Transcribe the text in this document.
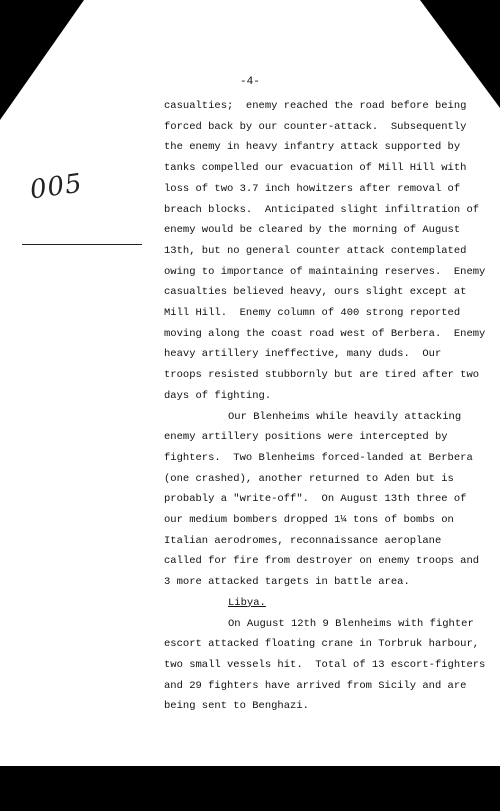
-4-
005
casualties;  enemy reached the road before being
forced back by our counter-attack.  Subsequently
the enemy in heavy infantry attack supported by
tanks compelled our evacuation of Mill Hill with
loss of two 3.7 inch howitzers after removal of
breach blocks.  Anticipated slight infiltration of
enemy would be cleared by the morning of August
13th, but no general counter attack contemplated
owing to importance of maintaining reserves.  Enemy
casualties believed heavy, ours slight except at
Mill Hill.  Enemy column of 400 strong reported
moving along the coast road west of Berbera.  Enemy
heavy artillery ineffective, many duds.  Our
troops resisted stubbornly but are tired after two
days of fighting.
Our Blenheims while heavily attacking
enemy artillery positions were intercepted by
fighters.  Two Blenheims forced-landed at Berbera
(one crashed), another returned to Aden but is
probably a "write-off".  On August 13th three of
our medium bombers dropped 1¼ tons of bombs on
Italian aerodromes, reconnaissance aeroplane
called for fire from destroyer on enemy troops and
3 more attacked targets in battle area.
Libya.
On August 12th 9 Blenheims with fighter
escort attacked floating crane in Torbruk harbour,
two small vessels hit.  Total of 13 escort-fighters
and 29 fighters have arrived from Sicily and are
being sent to Benghazi.
